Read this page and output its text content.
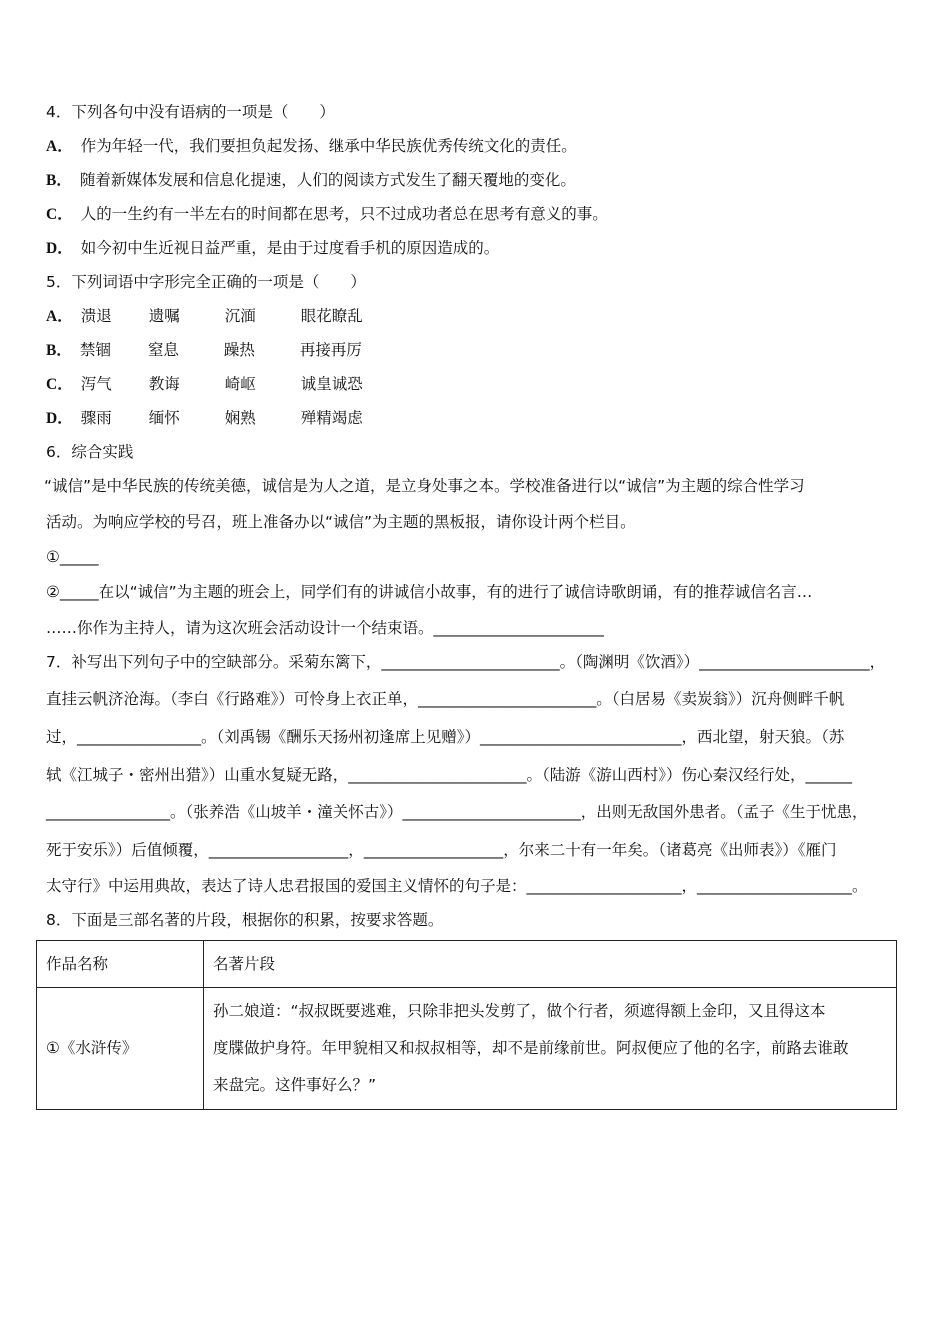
4．下列各句中没有语病的一项是（　　）
A． 作为年轻一代，我们要担负起发扬、继承中华民族优秀传统文化的责任。
B． 随着新媒体发展和信息化提速，人们的阅读方式发生了翻天覆地的变化。
C． 人的一生约有一半左右的时间都在思考，只不过成功者总在思考有意义的事。
D． 如今初中生近视日益严重，是由于过度看手机的原因造成的。
5．下列词语中字形完全正确的一项是（　　）
A． 溃退 遗嘱	沉湎	眼花瞭乱
B． 禁锢 窒息	躁热	再接再厉
C． 泻气 教诲	崎岖	诚皇诚恐
D． 骤雨 缅怀	娴熟	殚精竭虑
6．综合实践
“诚信”是中华民族的传统美德，诚信是为人之道，是立身处事之本。学校准备进行以“诚信”为主题的综合性学习
活动。为响应学校的号召，班上准备办以“诚信”为主题的黑板报，请你设计两个栏目。
①_____
②_____在以“诚信”为主题的班会上，同学们有的讲诚信小故事，有的进行了诚信诗歌朗诵，有的推荐诚信名言…
……你作为主持人，请为这次班会活动设计一个结束语。______________________
7．补写出下列句子中的空缺部分。采菊东篱下，_______________________。（陶渊明《饮酒》）______________________，
直挂云帆济沧海。（李白《行路难》）可怜身上衣正单，_______________________。（白居易《卖炭翁》）沉舟侧畔千帆
过，________________。（刘禹锡《酬乐天扬州初逢席上见赠》）__________________________，西北望，射天狼。（苏
轼《江城子・密州出猎》）山重水复疑无路，_______________________。（陆游《游山西村》）伤心秦汉经行处，______
________________。（张养浩《山坡羊・潼关怀古》）_______________________，出则无敌国外患者。（孟子《生于忧患，
死于安乐》）后值倾覆，__________________，__________________，尔来二十有一年矣。（诸葛亮《出师表》）《雁门
太守行》中运用典故，表达了诗人忠君报国的爱国主义情怀的句子是：____________________，____________________。
8．下面是三部名著的片段，根据你的积累，按要求答题。
作品名称	名著片段
①《水浒传》	孙二娘道：“叔叔既要逃难，只除非把头发剪了，做个行者，须遮得额上金印，又且得这本
度牒做护身符。年甲貌相又和叔叔相等，却不是前缘前世。阿叔便应了他的名字，前路去谁敢
来盘完。这件事好么？”
